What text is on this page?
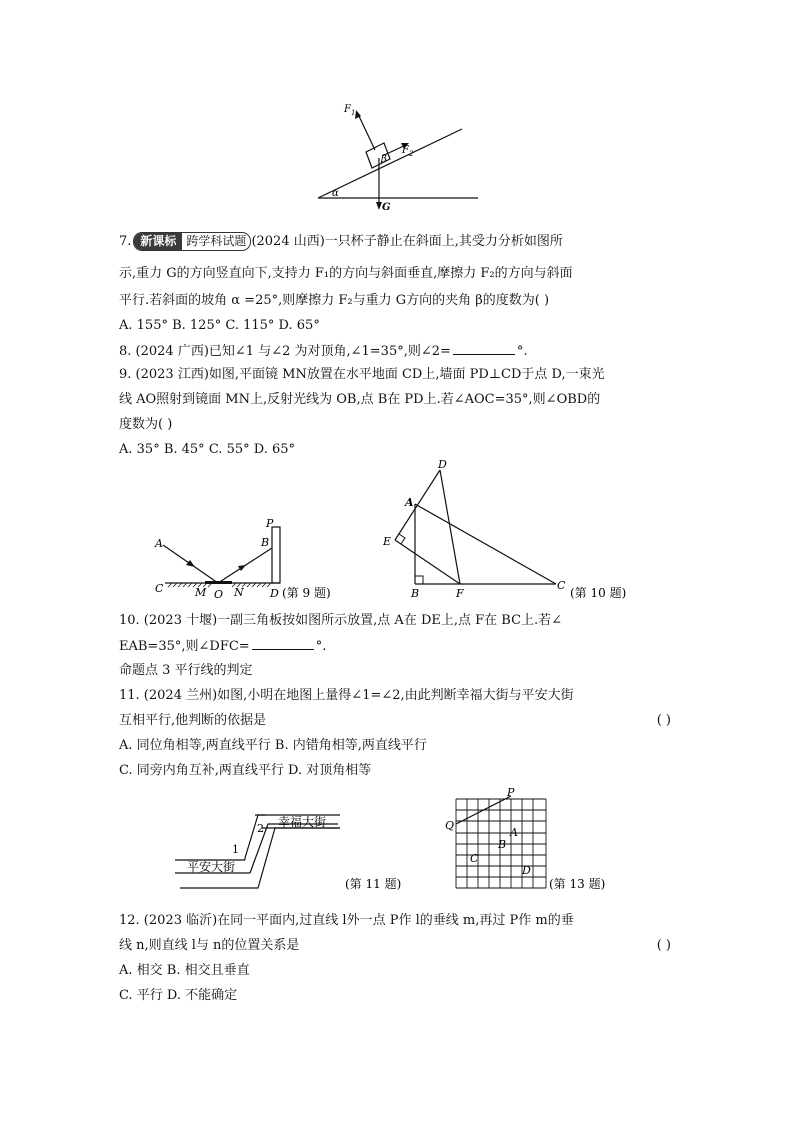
$F_1$
$F_2$
β
α
G
7. 新课标 跨学科试题 (2024 山西)一只杯子静止在斜面上,其受力分析如图所
示,重力 G的方向竖直向下,支持力 F₁的方向与斜面垂直,摩擦力 F₂的方向与斜面
平行.若斜面的坡角 α =25°,则摩擦力 F₂与重力 G方向的夹角 β的度数为( )
A. 155° B. 125° C. 115° D. 65°
8. (2024 广西)已知∠1 与∠2 为对顶角,∠1=35°,则∠2=	°.
9. (2023 江西)如图,平面镜 MN放置在水平地面 CD上,墙面 PD⊥CD于点 D,一束光
线 AO照射到镜面 MN上,反射光线为 OB,点 B在 PD上.若∠AOC=35°,则∠OBD的
度数为( )
A. 35° B. 45° C. 55° D. 65°
A	B
P
C	M O N D (第 9 题)
D
A
E
B	F
C
(第 10 题)
10. (2023 十堰)一副三角板按如图所示放置,点 A在 DE上,点 F在 BC上.若∠
EAB=35°,则∠DFC=	°.
命题点 3 平行线的判定
11. (2024 兰州)如图,小明在地图上量得∠1=∠2,由此判断幸福大街与平安大街
互相平行,他判断的依据是	( )
A. 同位角相等,两直线平行 B. 内错角相等,两直线平行
C. 同旁内角互补,两直线平行 D. 对顶角相等
幸福大街
平安大街
1
2
(第 11 题)
P
Q
A
B
C
D
(第 13 题)
12. (2023 临沂)在同一平面内,过直线 l外一点 P作 l的垂线 m,再过 P作 m的垂
线 n,则直线 l与 n的位置关系是	( )
A. 相交 B. 相交且垂直
C. 平行 D. 不能确定
